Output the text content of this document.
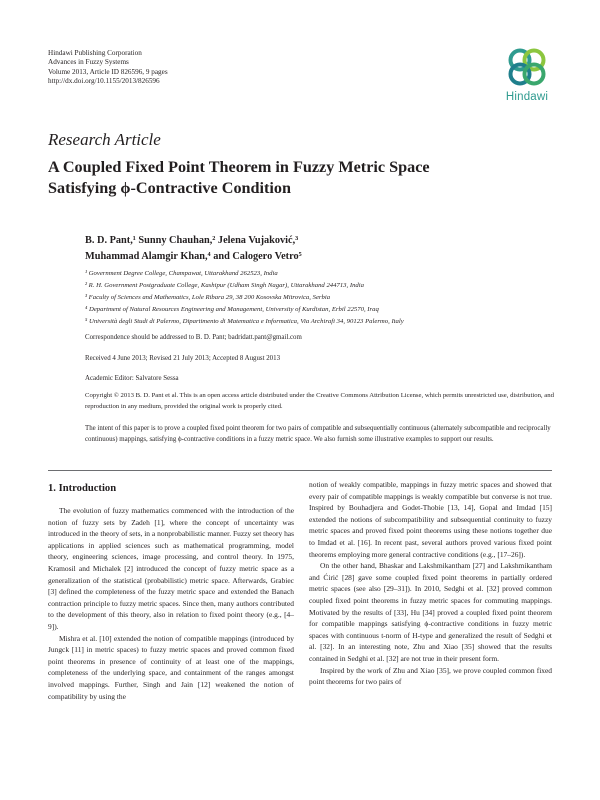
Hindawi Publishing Corporation
Advances in Fuzzy Systems
Volume 2013, Article ID 826596, 9 pages
http://dx.doi.org/10.1155/2013/826596
Hindawi
Research Article
A Coupled Fixed Point Theorem in Fuzzy Metric Space
Satisfying ϕ-Contractive Condition
B. D. Pant,¹ Sunny Chauhan,² Jelena Vujaković,³
Muhammad Alamgir Khan,⁴ and Calogero Vetro⁵
¹ Government Degree College, Champawat, Uttarakhand 262523, India
² R. H. Government Postgraduate College, Kashipur (Udham Singh Nagar), Uttarakhand 244713, India
³ Faculty of Sciences and Mathematics, Lole Ribara 29, 38 200 Kosovska Mitrovica, Serbia
⁴ Department of Natural Resources Engineering and Management, University of Kurdistan, Erbil 22570, Iraq
⁵ Università degli Studi di Palermo, Dipartimento di Matematica e Informatica, Via Archirafi 34, 90123 Palermo, Italy
Correspondence should be addressed to B. D. Pant; badridatt.pant@gmail.com
Received 4 June 2013; Revised 21 July 2013; Accepted 8 August 2013
Academic Editor: Salvatore Sessa
Copyright © 2013 B. D. Pant et al. This is an open access article distributed under the Creative Commons Attribution License, which permits unrestricted use, distribution, and reproduction in any medium, provided the original work is properly cited.
The intent of this paper is to prove a coupled fixed point theorem for two pairs of compatible and subsequentially continuous (alternately subcompatible and reciprocally continuous) mappings, satisfying ϕ-contractive conditions in a fuzzy metric space. We also furnish some illustrative examples to support our results.
1. Introduction

The evolution of fuzzy mathematics commenced with the introduction of the notion of fuzzy sets by Zadeh [1], where the concept of uncertainty was introduced in the theory of sets, in a nonprobabilistic manner. Fuzzy set theory has applications in applied sciences such as mathematical programming, model theory, engineering sciences, image processing, and control theory. In 1975, Kramosil and Michalek [2] introduced the concept of fuzzy metric space as a generalization of the statistical (probabilistic) metric space. Afterwards, Grabiec [3] defined the completeness of the fuzzy metric space and extended the Banach contraction principle to fuzzy metric spaces. Since then, many authors contributed to the development of this theory, also in relation to fixed point theory (e.g., [4–9]).

Mishra et al. [10] extended the notion of compatible mappings (introduced by Jungck [11] in metric spaces) to fuzzy metric spaces and proved common fixed point theorems in presence of continuity of at least one of the mappings, completeness of the underlying space, and containment of the ranges amongst involved mappings. Further, Singh and Jain [12] weakened the notion of compatibility by using the

notion of weakly compatible, mappings in fuzzy metric spaces and showed that every pair of compatible mappings is weakly compatible but converse is not true. Inspired by Bouhadjera and Godet-Thobie [13, 14], Gopal and Imdad [15] extended the notions of subcompatibility and subsequential continuity to fuzzy metric spaces and proved fixed point theorems using these notions together due to Imdad et al. [16]. In recent past, several authors proved various fixed point theorems employing more general contractive conditions (e.g., [17–26]).

On the other hand, Bhaskar and Lakshmikantham [27] and Lakshmikantham and Ćirić [28] gave some coupled fixed point theorems in partially ordered metric spaces (see also [29–31]). In 2010, Sedghi et al. [32] proved common coupled fixed point theorems in fuzzy metric spaces for commuting mappings. Motivated by the results of [33], Hu [34] proved a coupled fixed point theorem for compatible mappings satisfying ϕ-contractive conditions in fuzzy metric spaces with continuous t-norm of H-type and generalized the result of Sedghi et al. [32]. In an interesting note, Zhu and Xiao [35] showed that the results contained in Sedghi et al. [32] are not true in their present form.

Inspired by the work of Zhu and Xiao [35], we prove coupled common fixed point theorems for two pairs of
